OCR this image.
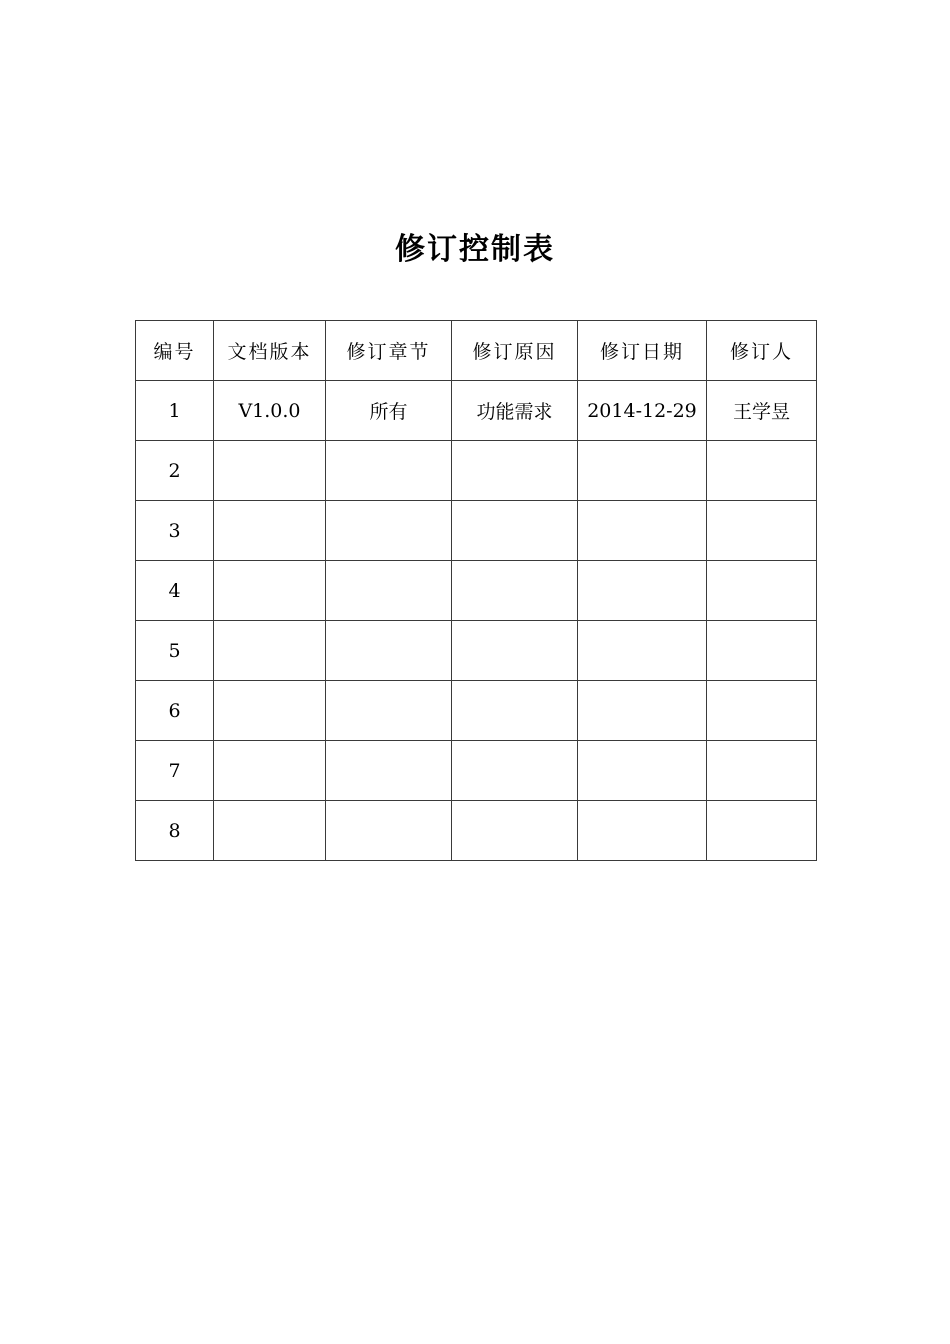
修订控制表
编号	文档版本	修订章节	修订原因	修订日期	修订人
1	V1.0.0	所有	功能需求	2014-12-29	王学昱
2					
3					
4					
5					
6					
7					
8					
